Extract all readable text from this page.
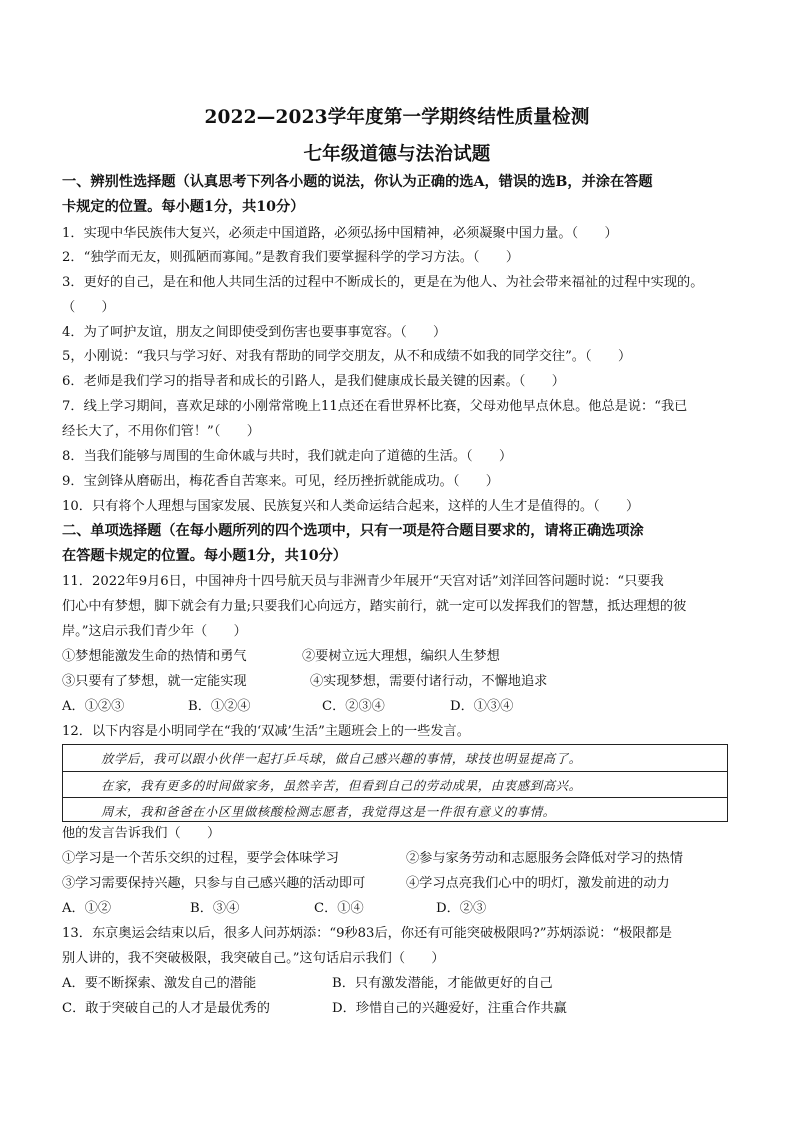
2022—2023学年度第一学期终结性质量检测
七年级道德与法治试题
一、辨别性选择题（认真思考下列各小题的说法，你认为正确的选A，错误的选B，并涂在答题
卡规定的位置。每小题1分，共10分）
1．实现中华民族伟大复兴，必须走中国道路，必须弘扬中国精神，必须凝聚中国力量。（　　）
2．“独学而无友，则孤陋而寡闻。”是教育我们要掌握科学的学习方法。（　　）
3．更好的自己，是在和他人共同生活的过程中不断成长的，更是在为他人、为社会带来福祉的过程中实现的。
（　　）
4．为了呵护友谊，朋友之间即使受到伤害也要事事宽容。（　　）
5，小刚说：“我只与学习好、对我有帮助的同学交朋友，从不和成绩不如我的同学交往”。（　　）
6．老师是我们学习的指导者和成长的引路人，是我们健康成长最关键的因素。（　　）
7．线上学习期间，喜欢足球的小刚常常晚上11点还在看世界杯比赛，父母劝他早点休息。他总是说：“我已
经长大了，不用你们管！”（　　）
8．当我们能够与周围的生命休戚与共时，我们就走向了道德的生活。（　　）
9．宝剑锋从磨砺出，梅花香自苦寒来。可见，经历挫折就能成功。（　　）
10．只有将个人理想与国家发展、民族复兴和人类命运结合起来，这样的人生才是值得的。（　　）
二、单项选择题（在每小题所列的四个选项中，只有一项是符合题目要求的，请将正确选项涂
在答题卡规定的位置。每小题1分，共10分）
11．2022年9月6日，中国神舟十四号航天员与非洲青少年展开“天宫对话”刘洋回答问题时说：“只要我
们心中有梦想，脚下就会有力量;只要我们心向远方，踏实前行，就一定可以发挥我们的智慧，抵达理想的彼
岸。”这启示我们青少年（　　）
①梦想能激发生命的热情和勇气	②要树立远大理想，编织人生梦想
③只要有了梦想，就一定能实现	④实现梦想，需要付诸行动，不懈地追求
A．①②③	B．①②④	C．②③④	D．①③④
12．以下内容是小明同学在“我的‘双减’生活”主题班会上的一些发言。
放学后，我可以跟小伙伴一起打乒乓球，做自己感兴趣的事情，球技也明显提高了。
在家，我有更多的时间做家务，虽然辛苦，但看到自己的劳动成果，由衷感到高兴。
周末，我和爸爸在小区里做核酸检测志愿者，我觉得这是一件很有意义的事情。
他的发言告诉我们（　　）
①学习是一个苦乐交织的过程，要学会体味学习	②参与家务劳动和志愿服务会降低对学习的热情
③学习需要保持兴趣，只参与自己感兴趣的活动即可	④学习点亮我们心中的明灯，激发前进的动力
A．①②	B．③④	C．①④	D．②③
13．东京奥运会结束以后，很多人问苏炳添：“9秒83后，你还有可能突破极限吗?”苏炳添说：“极限都是
别人讲的，我不突破极限，我突破自己。”这句话启示我们（　　）
A．要不断探索、激发自己的潜能	B．只有激发潜能，才能做更好的自己
C．敢于突破自己的人才是最优秀的	D．珍惜自己的兴趣爱好，注重合作共赢
